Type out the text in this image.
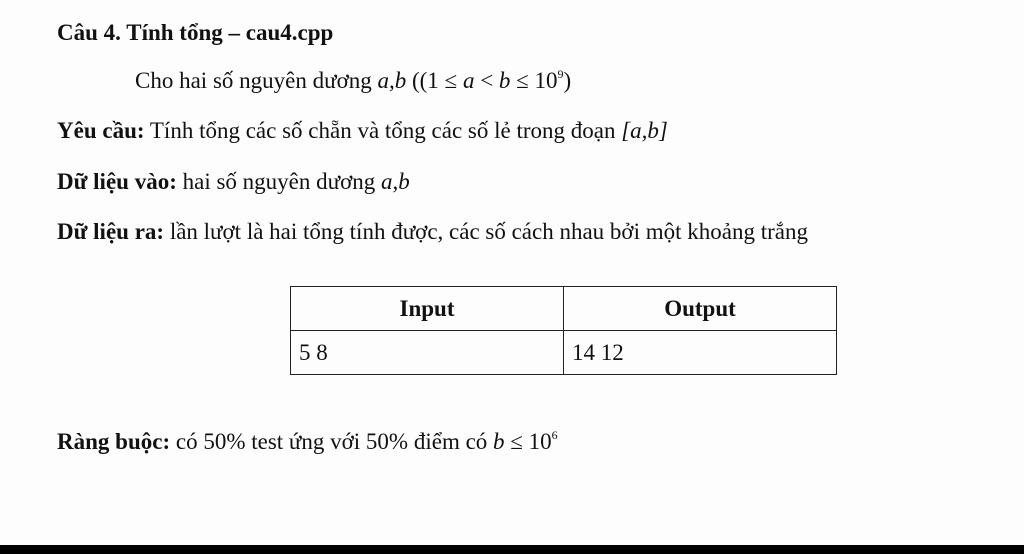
Câu 4. Tính tổng – cau4.cpp
Cho hai số nguyên dương a,b ($(1 \le a < b \le 10^9)$
Yêu cầu: Tính tổng các số chẵn và tổng các số lẻ trong đoạn [a,b]
Dữ liệu vào: hai số nguyên dương a,b
Dữ liệu ra: lần lượt là hai tổng tính được, các số cách nhau bởi một khoảng trắng
Input	Output
5 8	14 12
Ràng buộc: có 50% test ứng với 50% điểm có $b \le 10^6$
